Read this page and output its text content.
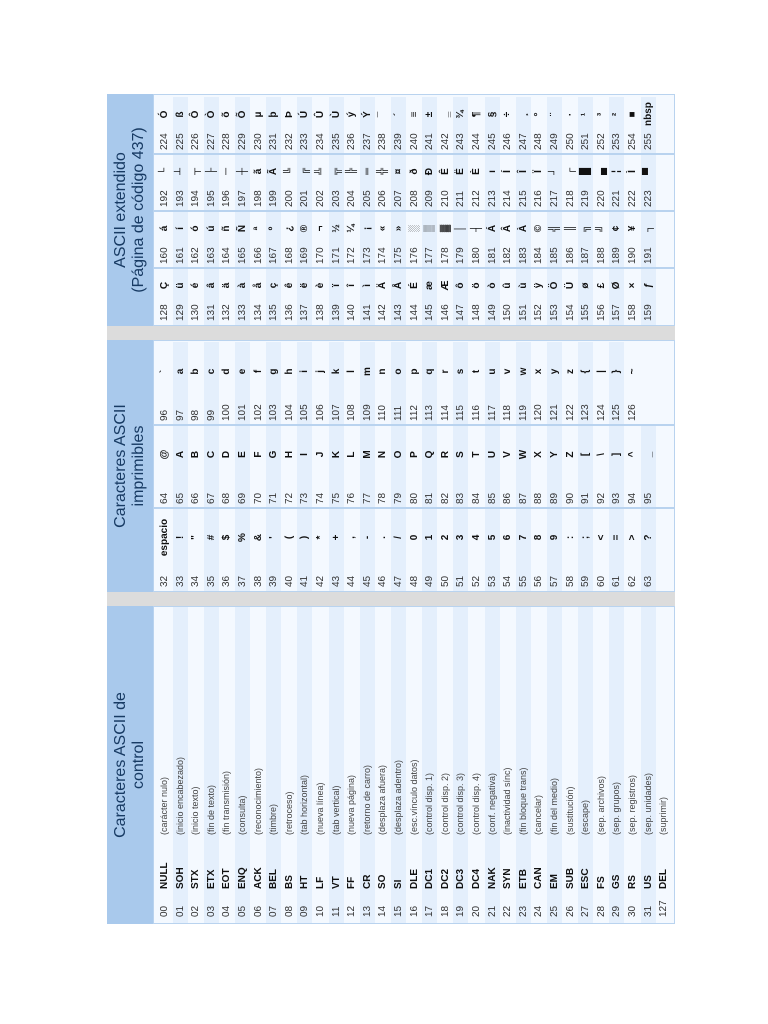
Caracteres ASCII de control
00
NULL
(carácter nulo)
01
SOH
(inicio encabezado)
02
STX
(inicio texto)
03
ETX
(fin de texto)
04
EOT
(fin transmisión)
05
ENQ
(consulta)
06
ACK
(reconocimiento)
07
BEL
(timbre)
08
BS
(retroceso)
09
HT
(tab horizontal)
10
LF
(nueva línea)
11
VT
(tab vertical)
12
FF
(nueva página)
13
CR
(retorno de carro)
14
SO
(desplaza afuera)
15
SI
(desplaza adentro)
16
DLE
(esc.vínculo datos)
17
DC1
(control disp. 1)
18
DC2
(control disp. 2)
19
DC3
(control disp. 3)
20
DC4
(control disp. 4)
21
NAK
(conf. negativa)
22
SYN
(inactividad sínc)
23
ETB
(fin bloque trans)
24
CAN
(cancelar)
25
EM
(fin del medio)
26
SUB
(sustitución)
27
ESC
(escape)
28
FS
(sep. archivos)
29
GS
(sep. grupos)
30
RS
(sep. registros)
31
US
(sep. unidades)
127
DEL
(suprimir)
Caracteres ASCII imprimibles
32
espacio
33
!
34
"
35
#
36
$
37
%
38
&
39
'
40
(
41
)
42
*
43
+
44
,
45
-
46
.
47
/
48
0
49
1
50
2
51
3
52
4
53
5
54
6
55
7
56
8
57
9
58
:
59
;
60
<
61
=
62
>
63
?
64
@
65
A
66
B
67
C
68
D
69
E
70
F
71
G
72
H
73
I
74
J
75
K
76
L
77
M
78
N
79
O
80
P
81
Q
82
R
83
S
84
T
85
U
86
V
87
W
88
X
89
Y
90
Z
91
[
92
\
93
]
94
^
95
_
96
`
97
a
98
b
99
c
100
d
101
e
102
f
103
g
104
h
105
i
106
j
107
k
108
l
109
m
110
n
111
o
112
p
113
q
114
r
115
s
116
t
117
u
118
v
119
w
120
x
121
y
122
z
123
{
124
|
125
}
126
~
ASCII extendido (Página de código 437)
128
Ç
129
ü
130
é
131
â
132
ä
133
à
134
å
135
ç
136
ê
137
ë
138
è
139
ï
140
î
141
ì
142
Ä
143
Å
144
É
145
æ
146
Æ
147
ô
148
ö
149
ò
150
û
151
ù
152
ÿ
153
Ö
154
Ü
155
ø
156
£
157
Ø
158
×
159
ƒ
160
á
161
í
162
ó
163
ú
164
ñ
165
Ñ
166
ª
167
º
168
¿
169
®
170
¬
171
½
172
¼
173
¡
174
«
175
»
176
░
177
▒
178
▓
179
│
180
┤
181
Á
182
Â
183
À
184
©
185
╣
186
║
187
╗
188
╝
189
¢
190
¥
191
┐
192
└
193
┴
194
┬
195
├
196
─
197
┼
198
ã
199
Ã
200
╚
201
╔
202
╩
203
╦
204
╠
205
═
206
╬
207
¤
208
ð
209
Ð
210
Ê
211
Ë
212
È
213
ı
214
Í
215
Î
216
Ï
217
┘
218
┌
219
█
220
▄
221
¦
222
Ì
223
▀
224
Ó
225
ß
226
Ô
227
Ò
228
õ
229
Õ
230
µ
231
þ
232
Þ
233
Ú
234
Û
235
Ù
236
ý
237
Ý
238
¯
239
´
240
≡
241
±
242
‗
243
¾
244
¶
245
§
246
÷
247
¸
248
°
249
¨
250
·
251
¹
252
³
253
²
254
■
255
nbsp
